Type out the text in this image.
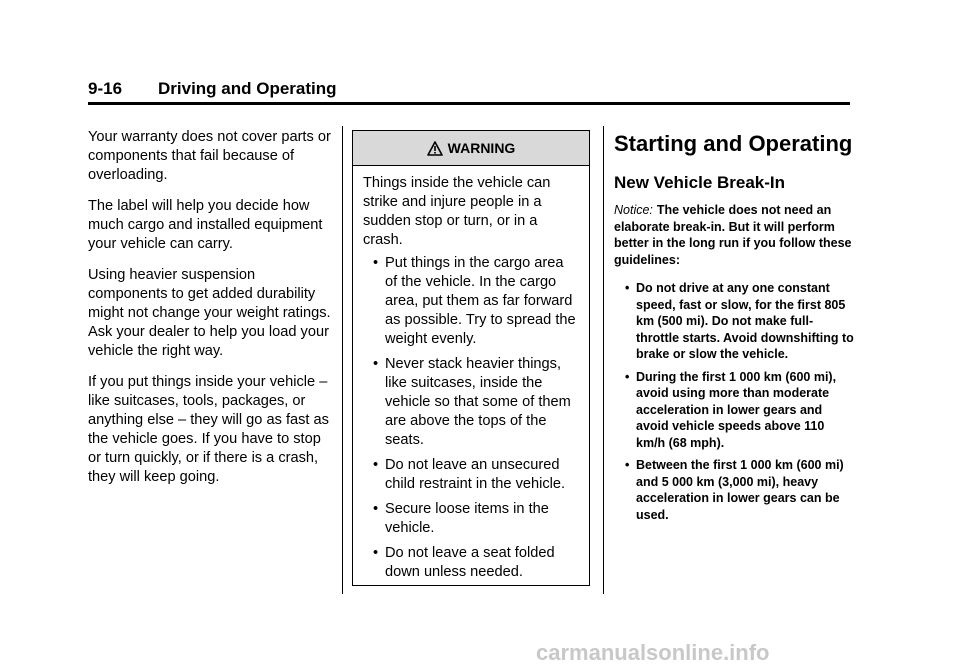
9-16 Driving and Operating

Your warranty does not cover parts or components that fail because of overloading.

The label will help you decide how much cargo and installed equipment your vehicle can carry.

Using heavier suspension components to get added durability might not change your weight ratings. Ask your dealer to help you load your vehicle the right way.

If you put things inside your vehicle – like suitcases, tools, packages, or anything else – they will go as fast as the vehicle goes. If you have to stop or turn quickly, or if there is a crash, they will keep going.

WARNING

Things inside the vehicle can strike and injure people in a sudden stop or turn, or in a crash.

• Put things in the cargo area of the vehicle. In the cargo area, put them as far forward as possible. Try to spread the weight evenly.
• Never stack heavier things, like suitcases, inside the vehicle so that some of them are above the tops of the seats.
• Do not leave an unsecured child restraint in the vehicle.
• Secure loose items in the vehicle.
• Do not leave a seat folded down unless needed.
Starting and Operating
New Vehicle Break-In

Notice: The vehicle does not need an elaborate break-in. But it will perform better in the long run if you follow these guidelines:

• Do not drive at any one constant speed, fast or slow, for the first 805 km (500 mi). Do not make full-throttle starts. Avoid downshifting to brake or slow the vehicle.
• During the first 1 000 km (600 mi), avoid using more than moderate acceleration in lower gears and avoid vehicle speeds above 110 km/h (68 mph).
• Between the first 1 000 km (600 mi) and 5 000 km (3,000 mi), heavy acceleration in lower gears can be used.
carmanualsonline.info
